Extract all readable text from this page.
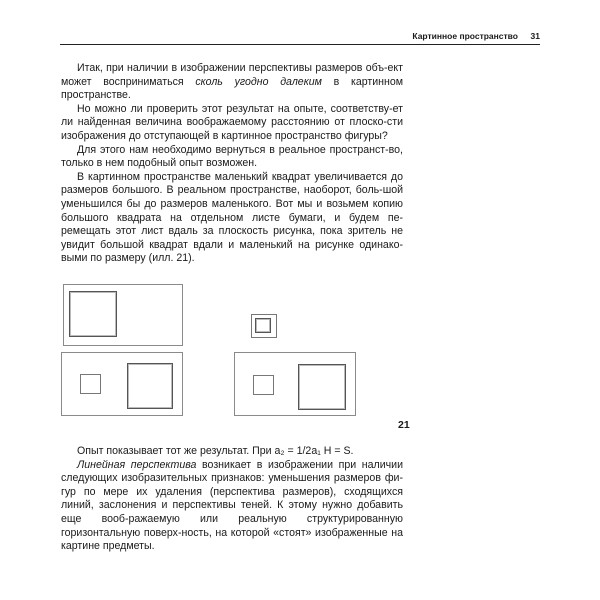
Картинное пространство 31

Итак, при наличии в изображении перспективы размеров объ-ект может восприниматься сколь угодно далеким в картинном пространстве.

Но можно ли проверить этот результат на опыте, соответству-ет ли найденная величина воображаемому расстоянию от плоско-сти изображения до отступающей в картинное пространство фигуры?

Для этого нам необходимо вернуться в реальное пространст-во, только в нем подобный опыт возможен.

В картинном пространстве маленький квадрат увеличивается до размеров большого. В реальном пространстве, наоборот, боль-шой уменьшился бы до размеров маленького. Вот мы и возьмем копию большого квадрата на отдельном листе бумаги, и будем пе-ремещать этот лист вдаль за плоскость рисунка, пока зритель не увидит большой квадрат вдали и маленький на рисунке одинако-выми по размеру (илл. 21).

21

Опыт показывает тот же результат. При a₂ = 1/2a₁ H = S.

Линейная перспектива возникает в изображении при наличии следующих изобразительных признаков: уменьшения размеров фи-гур по мере их удаления (перспектива размеров), сходящихся линий, заслонения и перспективы теней. К этому нужно добавить еще вооб-ражаемую или реальную структурированную горизонтальную поверх-ность, на которой «стоят» изображенные на картине предметы.
